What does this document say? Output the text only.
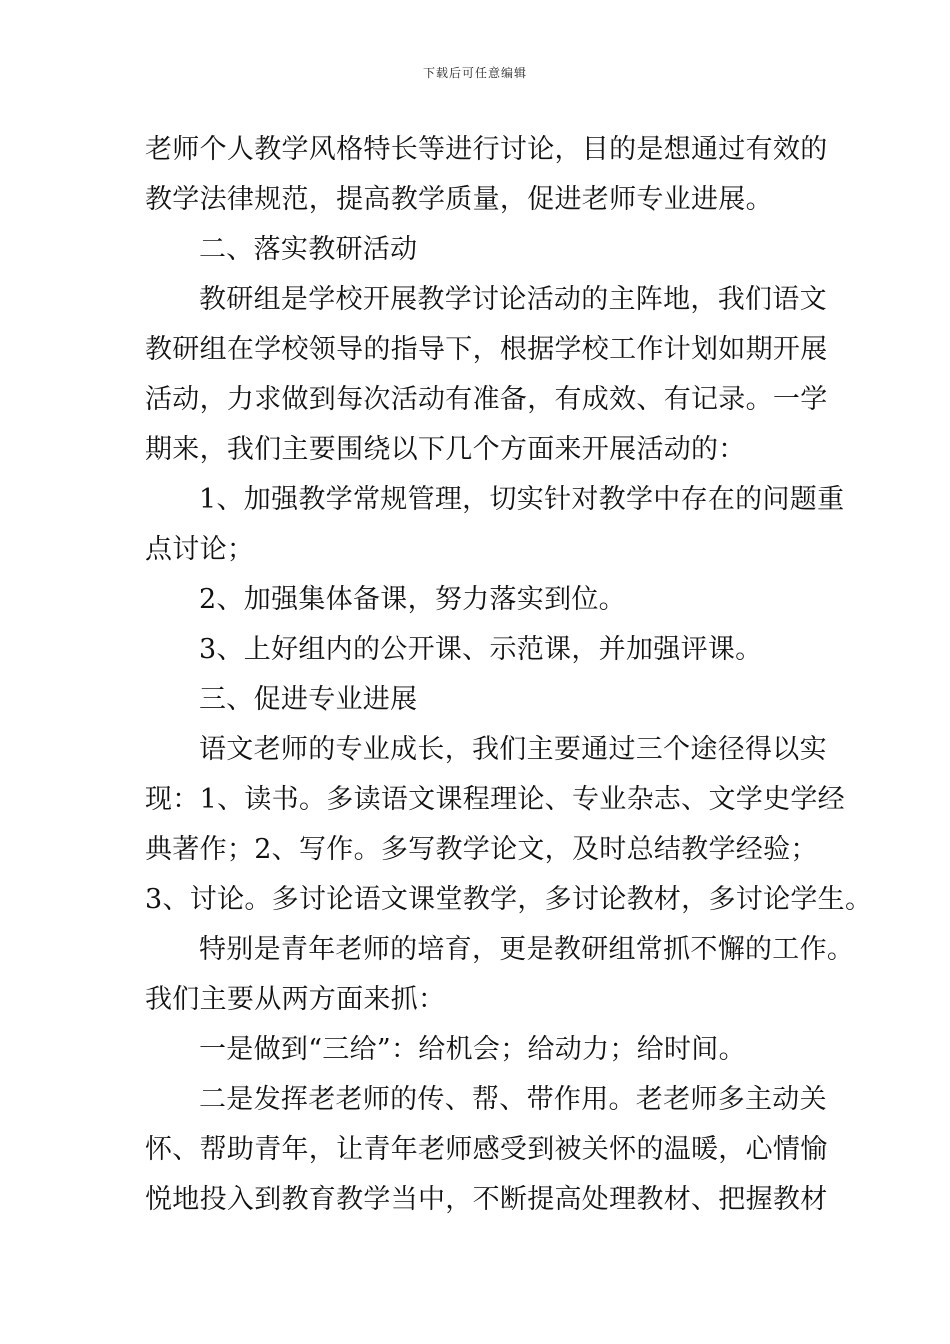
下载后可任意编辑
老师个人教学风格特长等进行讨论，目的是想通过有效的
教学法律规范，提高教学质量，促进老师专业进展。
二、落实教研活动
教研组是学校开展教学讨论活动的主阵地，我们语文
教研组在学校领导的指导下，根据学校工作计划如期开展
活动，力求做到每次活动有准备，有成效、有记录。一学
期来，我们主要围绕以下几个方面来开展活动的：
1、加强教学常规管理，切实针对教学中存在的问题重
点讨论；
2、加强集体备课，努力落实到位。
3、上好组内的公开课、示范课，并加强评课。
三、促进专业进展
语文老师的专业成长，我们主要通过三个途径得以实
现：1、读书。多读语文课程理论、专业杂志、文学史学经
典著作；2、写作。多写教学论文，及时总结教学经验；
3、讨论。多讨论语文课堂教学，多讨论教材，多讨论学生。
特别是青年老师的培育，更是教研组常抓不懈的工作。
我们主要从两方面来抓：
一是做到“三给”：给机会；给动力；给时间。
二是发挥老老师的传、帮、带作用。老老师多主动关
怀、帮助青年，让青年老师感受到被关怀的温暖，心情愉
悦地投入到教育教学当中，不断提高处理教材、把握教材
